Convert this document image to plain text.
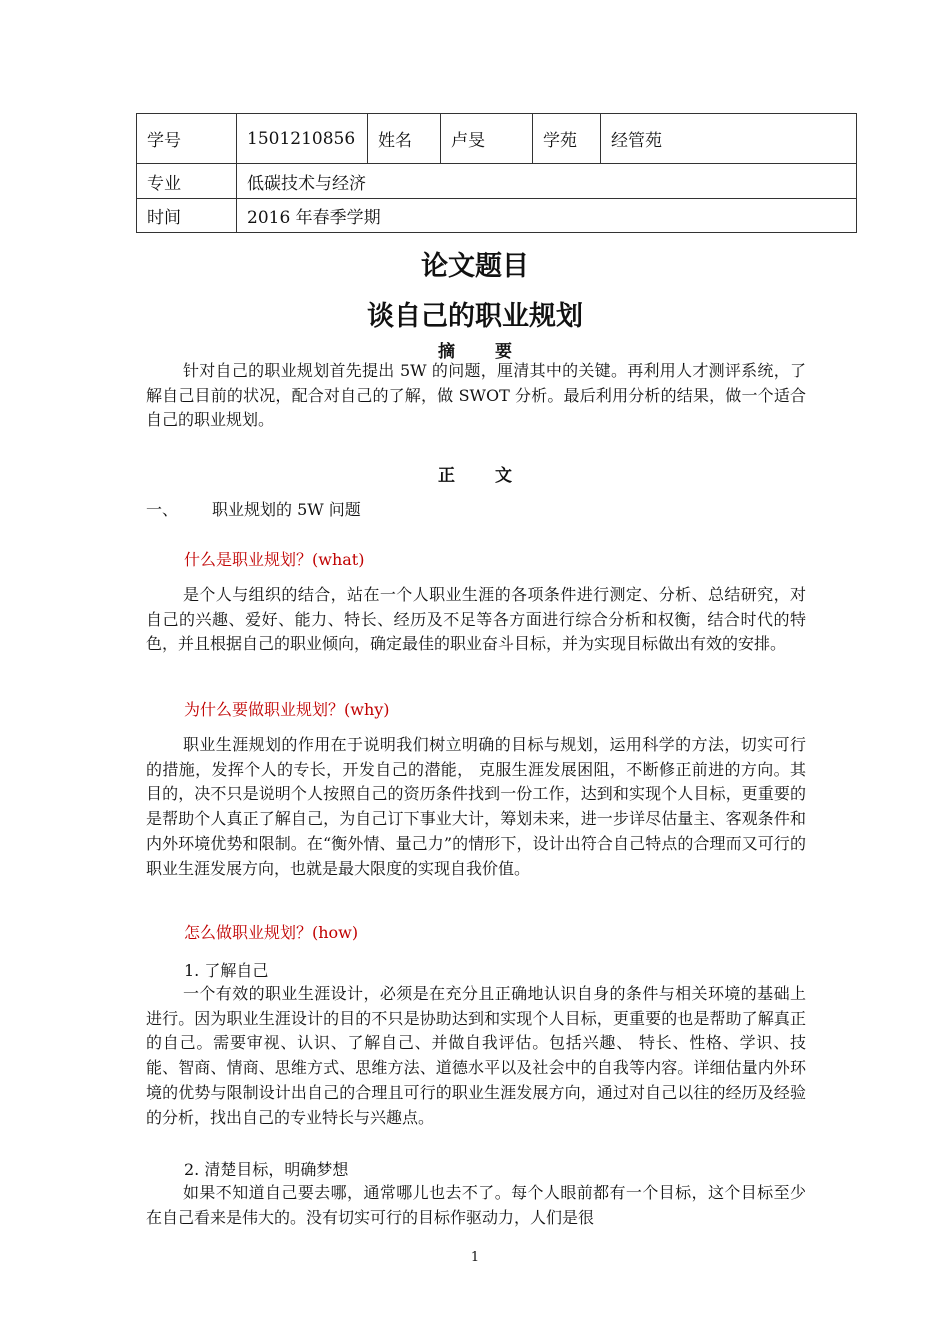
学号	1501210856	姓名	卢旻	学苑	经管苑
专业	低碳技术与经济				
时间	2016 年春季学期				
论文题目
谈自己的职业规划
摘要

针对自己的职业规划首先提出 5W 的问题，厘清其中的关键。再利用人才测评系统，了解自己目前的状况，配合对自己的了解，做 SWOT 分析。最后利用分析的结果，做一个适合自己的职业规划。

正文
一、 职业规划的 5W 问题
什么是职业规划？(what)

是个人与组织的结合，站在一个人职业生涯的各项条件进行测定、分析、总结研究，对自己的兴趣、爱好、能力、特长、经历及不足等各方面进行综合分析和权衡，结合时代的特色，并且根据自己的职业倾向，确定最佳的职业奋斗目标，并为实现目标做出有效的安排。

为什么要做职业规划？(why)

职业生涯规划的作用在于说明我们树立明确的目标与规划，运用科学的方法，切实可行的措施，发挥个人的专长，开发自己的潜能， 克服生涯发展困阻，不断修正前进的方向。其目的，决不只是说明个人按照自己的资历条件找到一份工作，达到和实现个人目标，更重要的是帮助个人真正了解自己，为自己订下事业大计，筹划未来，进一步详尽估量主、客观条件和内外环境优势和限制。在“衡外情、量己力”的情形下，设计出符合自己特点的合理而又可行的职业生涯发展方向，也就是最大限度的实现自我价值。

怎么做职业规划？(how)
1. 了解自己

一个有效的职业生涯设计，必须是在充分且正确地认识自身的条件与相关环境的基础上进行。因为职业生涯设计的目的不只是协助达到和实现个人目标，更重要的也是帮助了解真正的自己。需要审视、认识、了解自己、并做自我评估。包括兴趣、 特长、性格、学识、技能、智商、情商、思维方式、思维方法、道德水平以及社会中的自我等内容。详细估量内外环境的优势与限制设计出自己的合理且可行的职业生涯发展方向，通过对自己以往的经历及经验的分析，找出自己的专业特长与兴趣点。

2. 清楚目标，明确梦想

如果不知道自己要去哪，通常哪儿也去不了。每个人眼前都有一个目标，这个目标至少在自己看来是伟大的。没有切实可行的目标作驱动力，人们是很

1
